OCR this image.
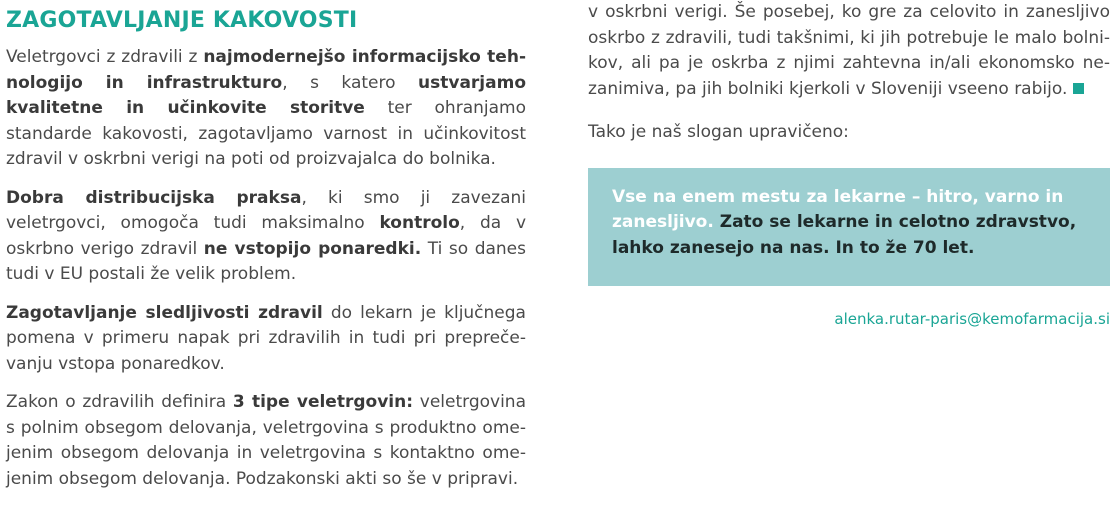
ZAGOTAVLJANJE KAKOVOSTI

Veletrgovci z zdravili z najmodernejšo informacijsko tehnologijo in infrastrukturo, s katero ustvarjamo kvalitetne in učinkovite storitve ter ohranjamo standarde kakovosti, zagotavljamo varnost in učinkovitost zdravil v oskrbni verigi na poti od proizvajalca do bolnika.

Dobra distribucijska praksa, ki smo ji zavezani veletrgovci, omogoča tudi maksimalno kontrolo, da v oskrbno verigo zdravil ne vstopijo ponaredki. Ti so danes tudi v EU postali že velik problem.

Zagotavljanje sledljivosti zdravil do lekarn je ključnega pomena v primeru napak pri zdravilih in tudi pri preprečevanju vstopa ponaredkov.

Zakon o zdravilih definira 3 tipe veletrgovin: veletrgovina s polnim obsegom delovanja, veletrgovina s produktno omejenim obsegom delovanja in veletrgovina s kontaktno omejenim obsegom delovanja. Podzakonski akti so še v pripravi.

v oskrbni verigi. Še posebej, ko gre za celovito in zanesljivo oskrbo z zdravili, tudi takšnimi, ki jih potrebuje le malo bolnikov, ali pa je oskrba z njimi zahtevna in/ali ekonomsko nezanimiva, pa jih bolniki kjerkoli v Sloveniji vseeno rabijo.

Tako je naš slogan upravičeno:

Vse na enem mestu za lekarne – hitro, varno in zanesljivo. Zato se lekarne in celotno zdravstvo, lahko zanesejo na nas. In to že 70 let.
alenka.rutar-paris@kemofarmacija.si
